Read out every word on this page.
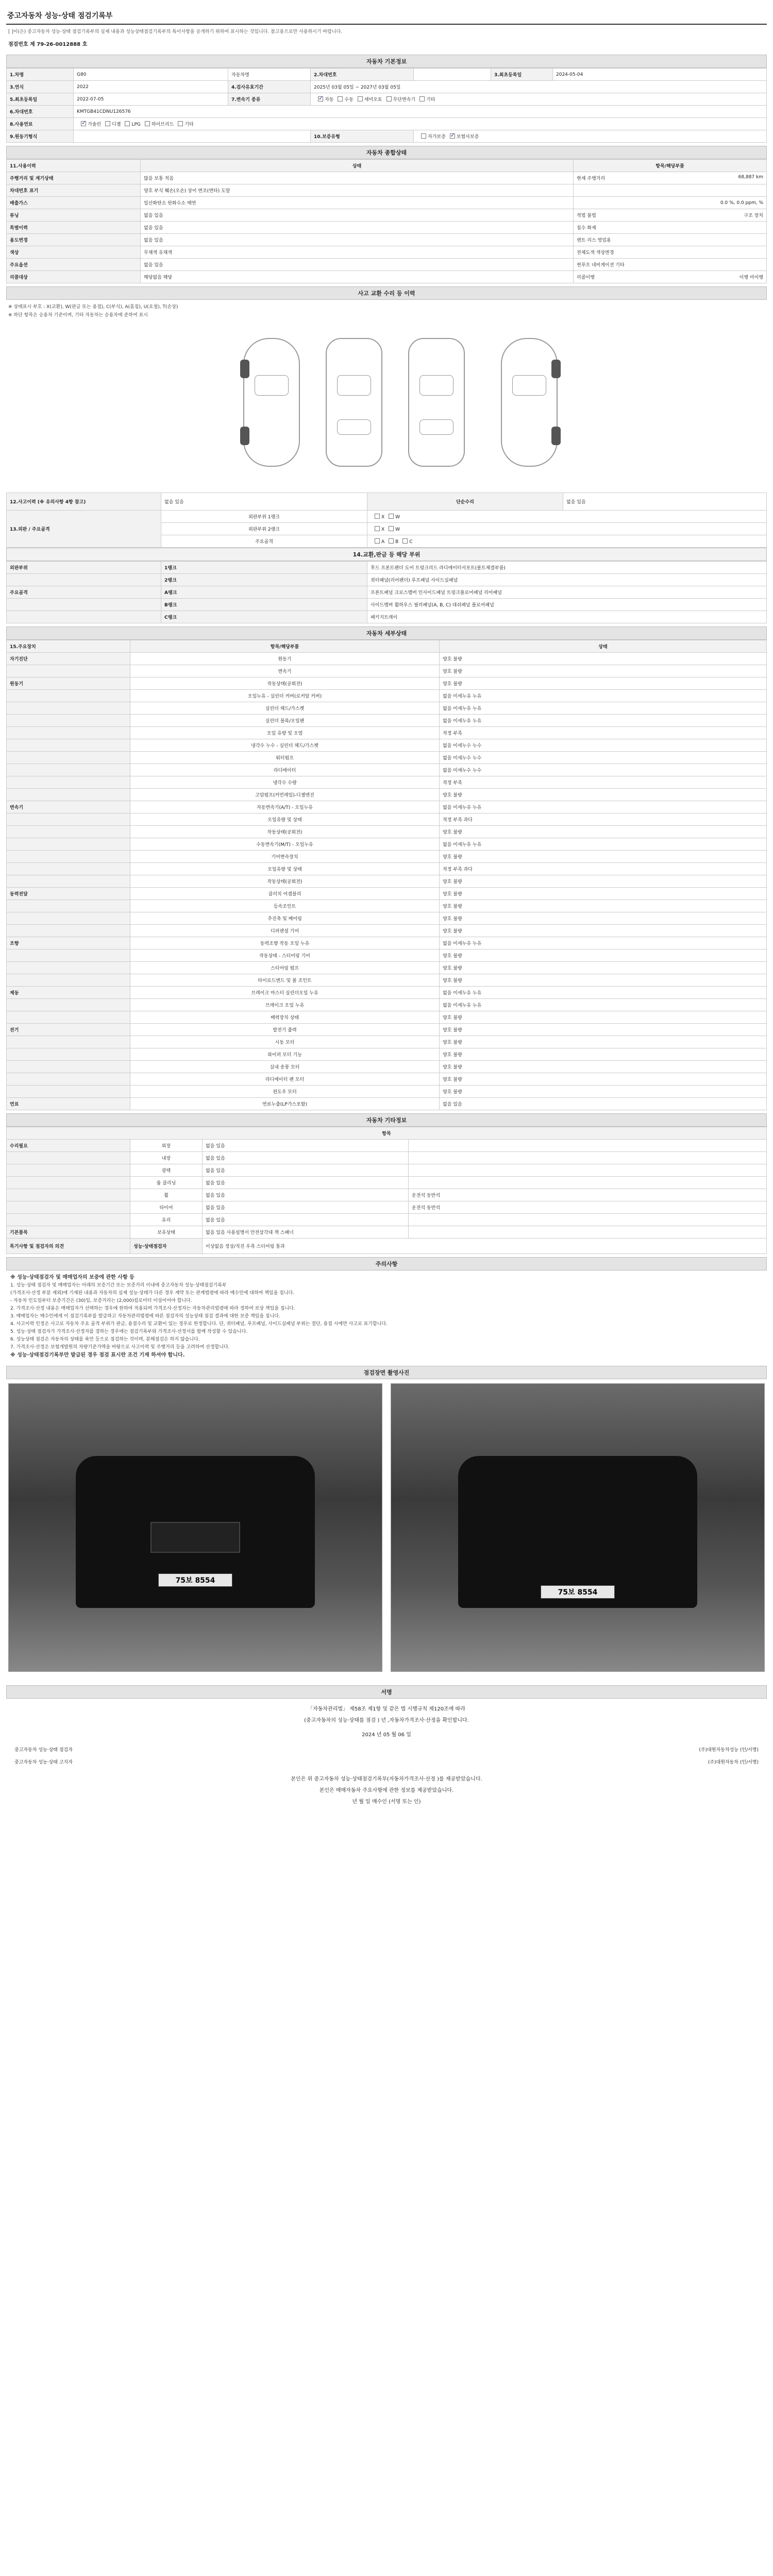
중고자동차 성능·상태 점검기록부
[ ]이(은) 중고자동차 성능·상태 점검기록부의 실제 내용과 성능상태점검기록부의 특이사항을 공개하기 위하여 표시하는 것입니다. 참고용으로만 사용하시기 바랍니다.
점검번호 제 79-26-0012888 호
자동차 기본정보
1.차명	G80	자동차명	2.차대번호		3.최초등록일	2024-05-04
3.연식	2022	4.검사유효기간	2025년 03월 05일 ~ 2027년 03월 05일			
5.최초등록일	2022-07-05	7.변속기 종류	✓자동 수동 세미오토 무단변속기 기타
6.차대번호	KMTGB41CDNU126576					
8.사용연료	✓가솔린 디젤 LPG 하이브리드 기타
9.원동기형식			10.보증유형	자가보증 ✓ 보험사보증
자동차 종합상태
11.사용이력	상태	항목/해당부품
주행거리 및 계기상태	많음 보통 적음	현재 주행거리 68,887 km

차대번호 표기	양호 부식 훼손(오손) 상이 변조(변타) 도말	

배출가스	일산화탄소 탄화수소 매연	0.0 %, 0.0 ppm, %

튜닝	없음 있음	적법 불법 구조 장치

특별이력	없음 있음	침수 화재

용도변경	없음 있음	렌트 리스 영업용

색상	무채색 유채색	전체도색 색상변경

주요옵션	없음 있음	썬루프 네비게이션 기타

리콜대상	해당없음 해당	리콜이행 이행 미이행
사고 교환 수리 등 이력
※ 상태표시 부호 : X(교환), W(판금 또는 용접), C(부식), A(흠집), U(요철), T(손상)
※ 하단 항목은 승용차 기준이며, 기타 자동차는 승용차에 준하여 표시
12.사고이력 (※ 유의사항 4항 참고)	없음 있음	단순수리	없음 있음
13.외판 / 주요골격	외판부위 1랭크	X W	
	외판부위 2랭크	X W	
	주요골격	A B C	
14.교환,판금 등 해당 부위
외판부위	1랭크	후드 프론트펜더 도어 트렁크리드 라디에이터서포트(볼트체결부품)
	2랭크	쿼터패널(리어펜더) 루프패널 사이드실패널
주요골격	A랭크	프론트패널 크로스멤버 인사이드패널 트렁크플로어패널 리어패널
	B랭크	사이드멤버 휠하우스 필러패널(A, B, C) 대쉬패널 플로어패널
	C랭크	패키지트레이
자동차 세부상태
15.주요장치	항목/해당부품	상태
자기진단	원동기	양호 불량
	변속기	양호 불량
원동기	작동상태(공회전)	양호 불량
	오일누유 - 실린더 커버(로커암 커버)	없음 미세누유 누유
	실린더 헤드/가스켓	없음 미세누유 누유
	실린더 블록/오일팬	없음 미세누유 누유
	오일 유량 및 오염	적정 부족
	냉각수 누수 - 실린더 헤드/가스켓	없음 미세누수 누수
	워터펌프	없음 미세누수 누수
	라디에이터	없음 미세누수 누수
	냉각수 수량	적정 부족
	고압펌프(커먼레일)-디젤엔진	양호 불량
변속기	자동변속기(A/T) - 오일누유	없음 미세누유 누유
	오일유량 및 상태	적정 부족 과다
	작동상태(공회전)	양호 불량
	수동변속기(M/T) - 오일누유	없음 미세누유 누유
	기어변속장치	양호 불량
	오일유량 및 상태	적정 부족 과다
	작동상태(공회전)	양호 불량
동력전달	클러치 어셈블리	양호 불량
	등속조인트	양호 불량
	추진축 및 베어링	양호 불량
	디퍼렌셜 기어	양호 불량
조향	동력조향 작동 오일 누유	없음 미세누유 누유
	작동상태 - 스티어링 기어	양호 불량
	스티어링 펌프	양호 불량
	타이로드엔드 및 볼 조인트	양호 불량
제동	브레이크 마스터 실린더오일 누유	없음 미세누유 누유
	브레이크 오일 누유	없음 미세누유 누유
	배력장치 상태	양호 불량
전기	발전기 출력	양호 불량
	시동 모터	양호 불량
	와이퍼 모터 기능	양호 불량
	실내 송풍 모터	양호 불량
	라디에이터 팬 모터	양호 불량
	윈도우 모터	양호 불량
연료	연료누출(LP가스포함)	없음 있음
자동차 기타정보
항목			
수리필요	외장	없음 있음	
	내장	없음 있음	
	광택	없음 있음	
	룸 클리닝	없음 있음	
	휠	없음 있음	운전석 동반석
	타이어	없음 있음	운전석 동반석
	유리	없음 있음	
기본품목	보유상태	없음 있음 사용설명서 안전삼각대 잭 스패너	
특기사항 및 점검자의 의견	성능·상태점검자	이상없음 정상/직진 우측 스티어링 통과	
주의사항
※ 성능·상태점검자 및 매매업자의 보증에 관한 사항 등
1. 성능·상태 점검자 및 매매업자는 아래의 보증기간 또는 보증거리 이내에 중고자동차 성능·상태점검기록부
(가격조사·산정 부분 제외)에 기재된 내용과 자동차의 실제 성능·상태가 다른 경우 계약 또는 관계법령에 따라 매수인에 대하여 책임을 집니다.
- 자동차 인도일부터 보증기간은 (30)일, 보증거리는 (2,000)킬로미터 이상이어야 합니다.
2. 가격조사·산정 내용은 매매업자가 선택하는 경우에 한하여 적용되며 가격조사·산정자는 자동차관리법령에 따라 정하여 보상 책임을 집니다.
3. 매매업자는 매수인에게 이 점검기록부를 발급하고 자동차관리법령에 따른 점검자의 성능상태 점검 결과에 대한 보증 책임을 집니다.
4. 사고이력 인정은 사고로 자동차 주요 골격 부위가 판금, 용접수리 및 교환이 있는 경우로 한정합니다. 단, 쿼터패널, 루프패널, 사이드실패널 부위는 절단, 용접 시에만 사고로 표기합니다.
5. 성능·상태 점검자가 가격조사·산정자를 겸하는 경우에는 점검기록부와 가격조사·산정서를 함께 작성할 수 있습니다.
6. 성능상태 점검은 자동차의 상태를 육안 등으로 점검하는 것이며, 분해점검은 하지 않습니다.
7. 가격조사·산정은 보험개발원의 차량기준가액을 바탕으로 사고이력 및 주행거리 등을 고려하여 산정합니다.
※ 성능·상태점검기록부만 발급된 경우 점검 표시란 조건 기재 하셔야 합니다.
점검장면 촬영사진
75보 8554
75보 8554
서명
「자동차관리법」 제58조 제1항 및 같은 법 시행규칙 제120조에 따라
(중고자동차의 성능·상태를 점검 ) 년 ,자동차가격조사·산정을 확인합니다.
2024 년 05 월 06 일
중고자동차 성능·상태 점검자	(주)대원자동차성능 (인/서명)
중고자동차 성능·상태 고지자	(주)대원자동차 (인/서명)
본인은 위 중고자동차 성능·상태점검기록부(자동차가격조사·산정 )를 제공받았습니다.
본인은 매매자동차 주요사항에 관한 정보를 제공받았습니다.
년 월 일 매수인 (서명 또는 인)
